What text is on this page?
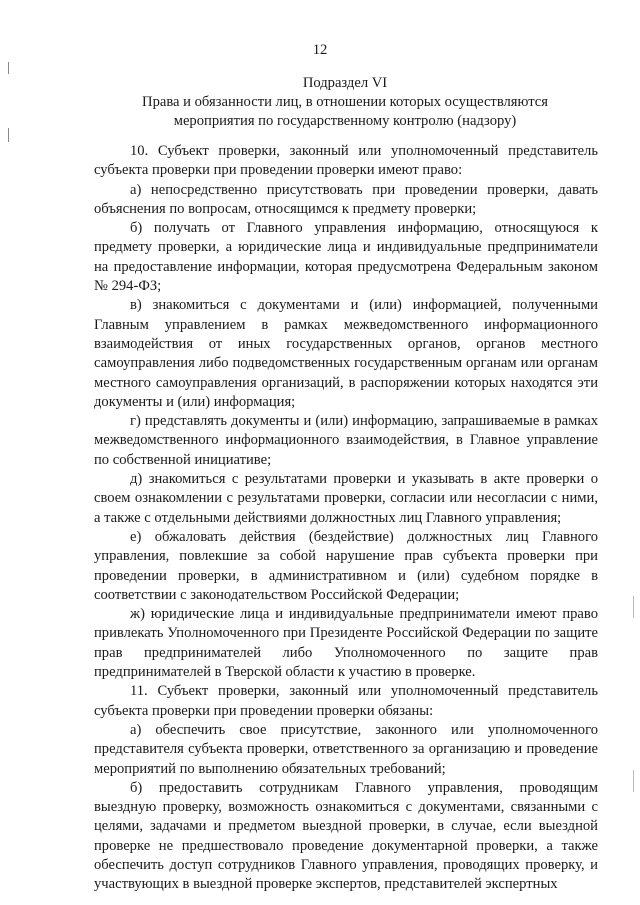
12
Подраздел VI
Права и обязанности лиц, в отношении которых осуществляются
мероприятия по государственному контролю (надзору)

10. Субъект проверки, законный или уполномоченный представитель субъекта проверки при проведении проверки имеют право:

а) непосредственно присутствовать при проведении проверки, давать объяснения по вопросам, относящимся к предмету проверки;

б) получать от Главного управления информацию, относящуюся к предмету проверки, а юридические лица и индивидуальные предприниматели на предоставление информации, которая предусмотрена Федеральным законом № 294-ФЗ;

в) знакомиться с документами и (или) информацией, полученными Главным управлением в рамках межведомственного информационного взаимодействия от иных государственных органов, органов местного самоуправления либо подведомственных государственным органам или органам местного самоуправления организаций, в распоряжении которых находятся эти документы и (или) информация;

г) представлять документы и (или) информацию, запрашиваемые в рамках межведомственного информационного взаимодействия, в Главное управление по собственной инициативе;

д) знакомиться с результатами проверки и указывать в акте проверки о своем ознакомлении с результатами проверки, согласии или несогласии с ними, а также с отдельными действиями должностных лиц Главного управления;

е) обжаловать действия (бездействие) должностных лиц Главного управления, повлекшие за собой нарушение прав субъекта проверки при проведении проверки, в административном и (или) судебном порядке в соответствии с законодательством Российской Федерации;

ж) юридические лица и индивидуальные предприниматели имеют право привлекать Уполномоченного при Президенте Российской Федерации по защите прав предпринимателей либо Уполномоченного по защите прав предпринимателей в Тверской области к участию в проверке.

11. Субъект проверки, законный или уполномоченный представитель субъекта проверки при проведении проверки обязаны:

а) обеспечить свое присутствие, законного или уполномоченного представителя субъекта проверки, ответственного за организацию и проведение мероприятий по выполнению обязательных требований;

б) предоставить сотрудникам Главного управления, проводящим выездную проверку, возможность ознакомиться с документами, связанными с целями, задачами и предметом выездной проверки, в случае, если выездной проверке не предшествовало проведение документарной проверки, а также обеспечить доступ сотрудников Главного управления, проводящих проверку, и участвующих в выездной проверке экспертов, представителей экспертных
